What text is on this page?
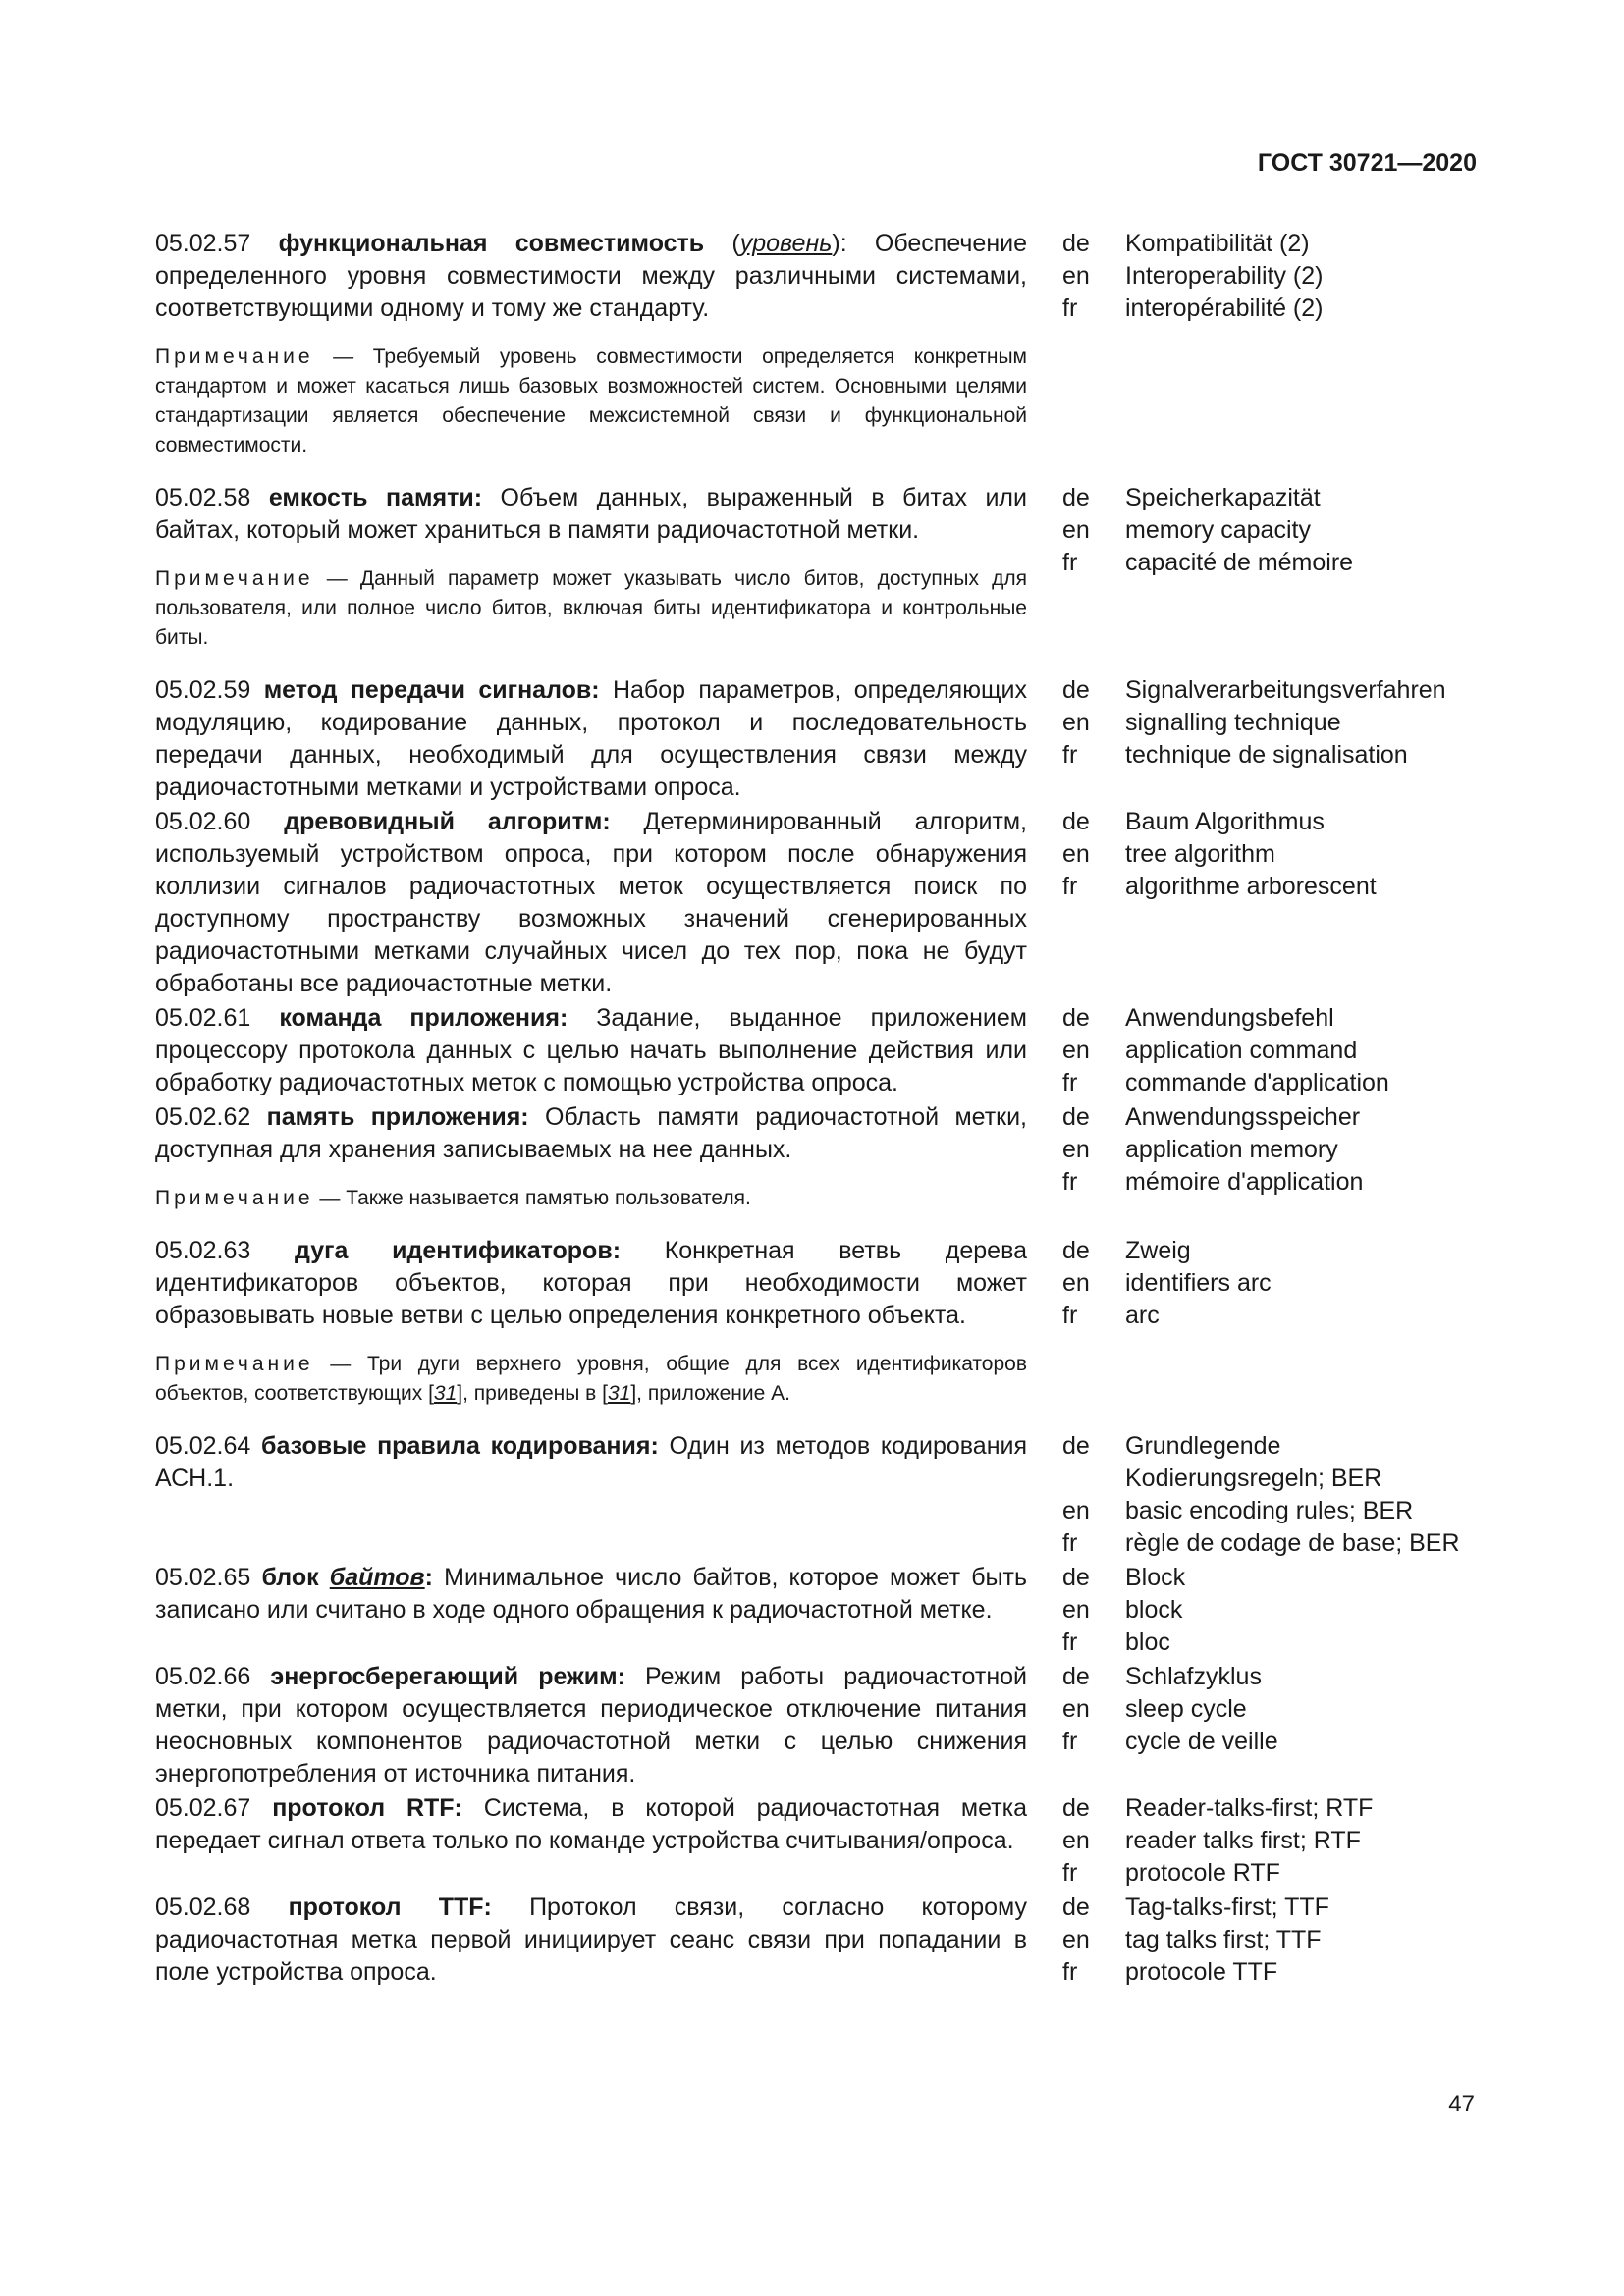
ГОСТ 30721—2020
05.02.57 функциональная совместимость (уровень): Обеспечение определенного уровня совместимости между различными системами, соответствующими одному и тому же стандарту.
Примечание — Требуемый уровень совместимости определяется конкретным стандартом и может касаться лишь базовых возможностей систем. Основными целями стандартизации является обеспечение межсистемной связи и функциональной совместимости.
de	Kompatibilität (2)
en	Interoperability (2)
fr	interopérabilité (2)
05.02.58 емкость памяти: Объем данных, выраженный в битах или байтах, который может храниться в памяти радиочастотной метки.
Примечание — Данный параметр может указывать число битов, доступных для пользователя, или полное число битов, включая биты идентификатора и контрольные биты.
de	Speicherkapazität
en	memory capacity
fr	capacité de mémoire
05.02.59 метод передачи сигналов: Набор параметров, определяющих модуляцию, кодирование данных, протокол и последовательность передачи данных, необходимый для осуществления связи между радиочастотными метками и устройствами опроса.
de	Signalverarbeitungsverfahren
en	signalling technique
fr	technique de signalisation
05.02.60 древовидный алгоритм: Детерминированный алгоритм, используемый устройством опроса, при котором после обнаружения коллизии сигналов радиочастотных меток осуществляется поиск по доступному пространству возможных значений сгенерированных радиочастотными метками случайных чисел до тех пор, пока не будут обработаны все радиочастотные метки.
de	Baum Algorithmus
en	tree algorithm
fr	algorithme arborescent
05.02.61 команда приложения: Задание, выданное приложением процессору протокола данных с целью начать выполнение действия или обработку радиочастотных меток с помощью устройства опроса.
de	Anwendungsbefehl
en	application command
fr	commande d'application
05.02.62 память приложения: Область памяти радиочастотной метки, доступная для хранения записываемых на нее данных.
Примечание — Также называется памятью пользователя.
de	Anwendungsspeicher
en	application memory
fr	mémoire d'application
05.02.63 дуга идентификаторов: Конкретная ветвь дерева идентификаторов объектов, которая при необходимости может образовывать новые ветви с целью определения конкретного объекта.
Примечание — Три дуги верхнего уровня, общие для всех идентификаторов объектов, соответствующих [31], приведены в [31], приложение А.
de	Zweig
en	identifiers arc
fr	arc
05.02.64 базовые правила кодирования: Один из методов кодирования АСН.1.
de	Grundlegende Kodierungsregeln; BER
en	basic encoding rules; BER
fr	règle de codage de base; BER
05.02.65 блок байтов: Минимальное число байтов, которое может быть записано или считано в ходе одного обращения к радиочастотной метке.
de	Block
en	block
fr	bloc
05.02.66 энергосберегающий режим: Режим работы радиочастотной метки, при котором осуществляется периодическое отключение питания неосновных компонентов радиочастотной метки с целью снижения энергопотребления от источника питания.
de	Schlafzyklus
en	sleep cycle
fr	cycle de veille
05.02.67 протокол RTF: Система, в которой радиочастотная метка передает сигнал ответа только по команде устройства считывания/опроса.
de	Reader-talks-first; RTF
en	reader talks first; RTF
fr	protocole RTF
05.02.68 протокол TTF: Протокол связи, согласно которому радиочастотная метка первой инициирует сеанс связи при попадании в поле устройства опроса.
de	Tag-talks-first; TTF
en	tag talks first; TTF
fr	protocole TTF
47
